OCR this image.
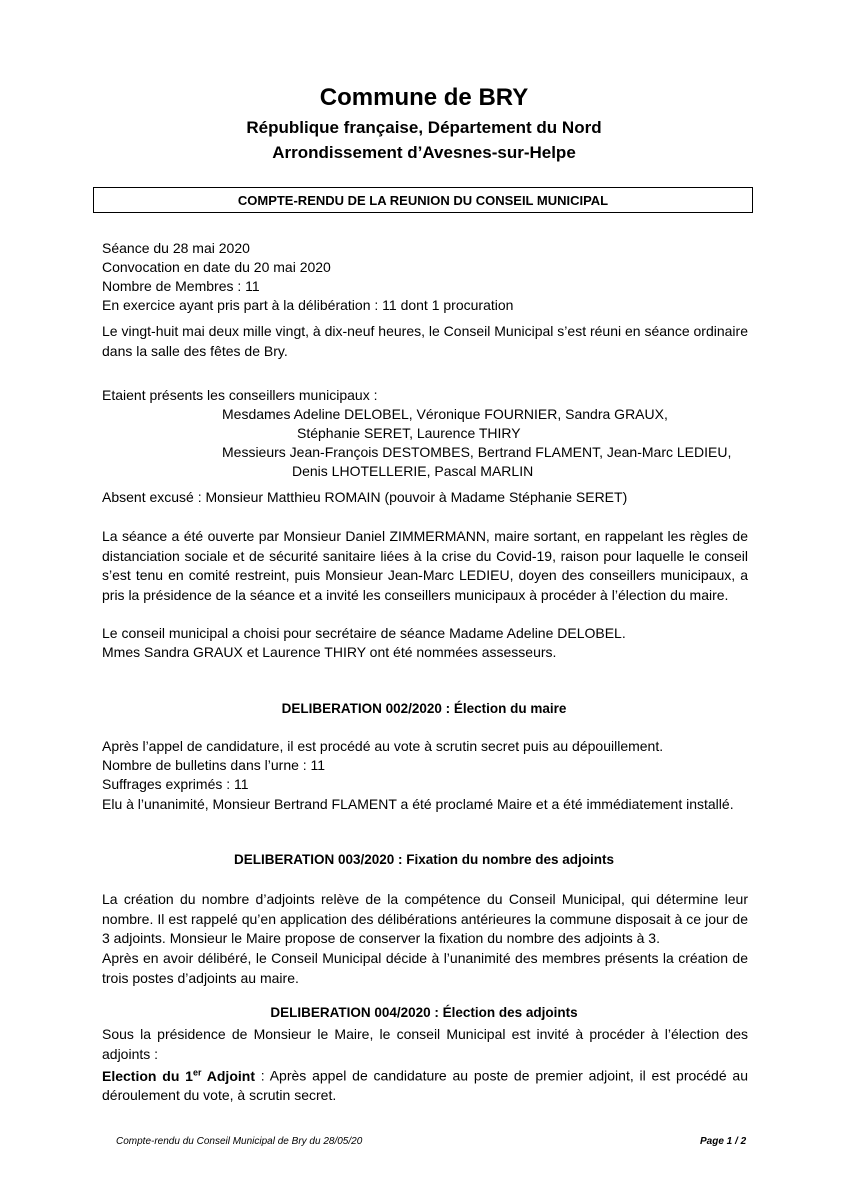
Commune de BRY
République française, Département du Nord
Arrondissement d’Avesnes-sur-Helpe
COMPTE-RENDU DE LA REUNION DU CONSEIL MUNICIPAL
Séance du 28 mai 2020
Convocation en date du 20 mai 2020
Nombre de Membres : 11
En exercice ayant pris part à la délibération : 11 dont 1 procuration
Le vingt-huit mai deux mille vingt, à dix-neuf heures, le Conseil Municipal s’est réuni en séance ordinaire dans la salle des fêtes de Bry.
Etaient présents les conseillers municipaux :
Mesdames Adeline DELOBEL, Véronique FOURNIER, Sandra GRAUX,
Stéphanie SERET, Laurence THIRY
Messieurs Jean-François DESTOMBES, Bertrand FLAMENT, Jean-Marc LEDIEU,
Denis LHOTELLERIE, Pascal MARLIN
Absent excusé : Monsieur Matthieu ROMAIN (pouvoir à Madame Stéphanie SERET)
La séance a été ouverte par Monsieur Daniel ZIMMERMANN, maire sortant, en rappelant les règles de distanciation sociale et de sécurité sanitaire liées à la crise du Covid-19, raison pour laquelle le conseil s’est tenu en comité restreint, puis Monsieur Jean-Marc LEDIEU, doyen des conseillers municipaux, a pris la présidence de la séance et a invité les conseillers municipaux à procéder à l’élection du maire.
Le conseil municipal a choisi pour secrétaire de séance Madame Adeline DELOBEL.
Mmes Sandra GRAUX et Laurence THIRY ont été nommées assesseurs.
DELIBERATION 002/2020 : Élection du maire
Après l’appel de candidature, il est procédé au vote à scrutin secret puis au dépouillement.
Nombre de bulletins dans l’urne : 11
Suffrages exprimés : 11
Elu à l’unanimité, Monsieur Bertrand FLAMENT a été proclamé Maire et a été immédiatement installé.
DELIBERATION 003/2020 : Fixation du nombre des adjoints
La création du nombre d’adjoints relève de la compétence du Conseil Municipal, qui détermine leur nombre. Il est rappelé qu’en application des délibérations antérieures la commune disposait à ce jour de 3 adjoints. Monsieur le Maire propose de conserver la fixation du nombre des adjoints à 3.
Après en avoir délibéré, le Conseil Municipal décide à l’unanimité des membres présents la création de trois postes d’adjoints au maire.
DELIBERATION 004/2020 : Élection des adjoints
Sous la présidence de Monsieur le Maire, le conseil Municipal est invité à procéder à l’élection des adjoints :
Election du 1er Adjoint : Après appel de candidature au poste de premier adjoint, il est procédé au déroulement du vote, à scrutin secret.
Compte-rendu du Conseil Municipal de Bry du 28/05/20	Page 1 / 2
